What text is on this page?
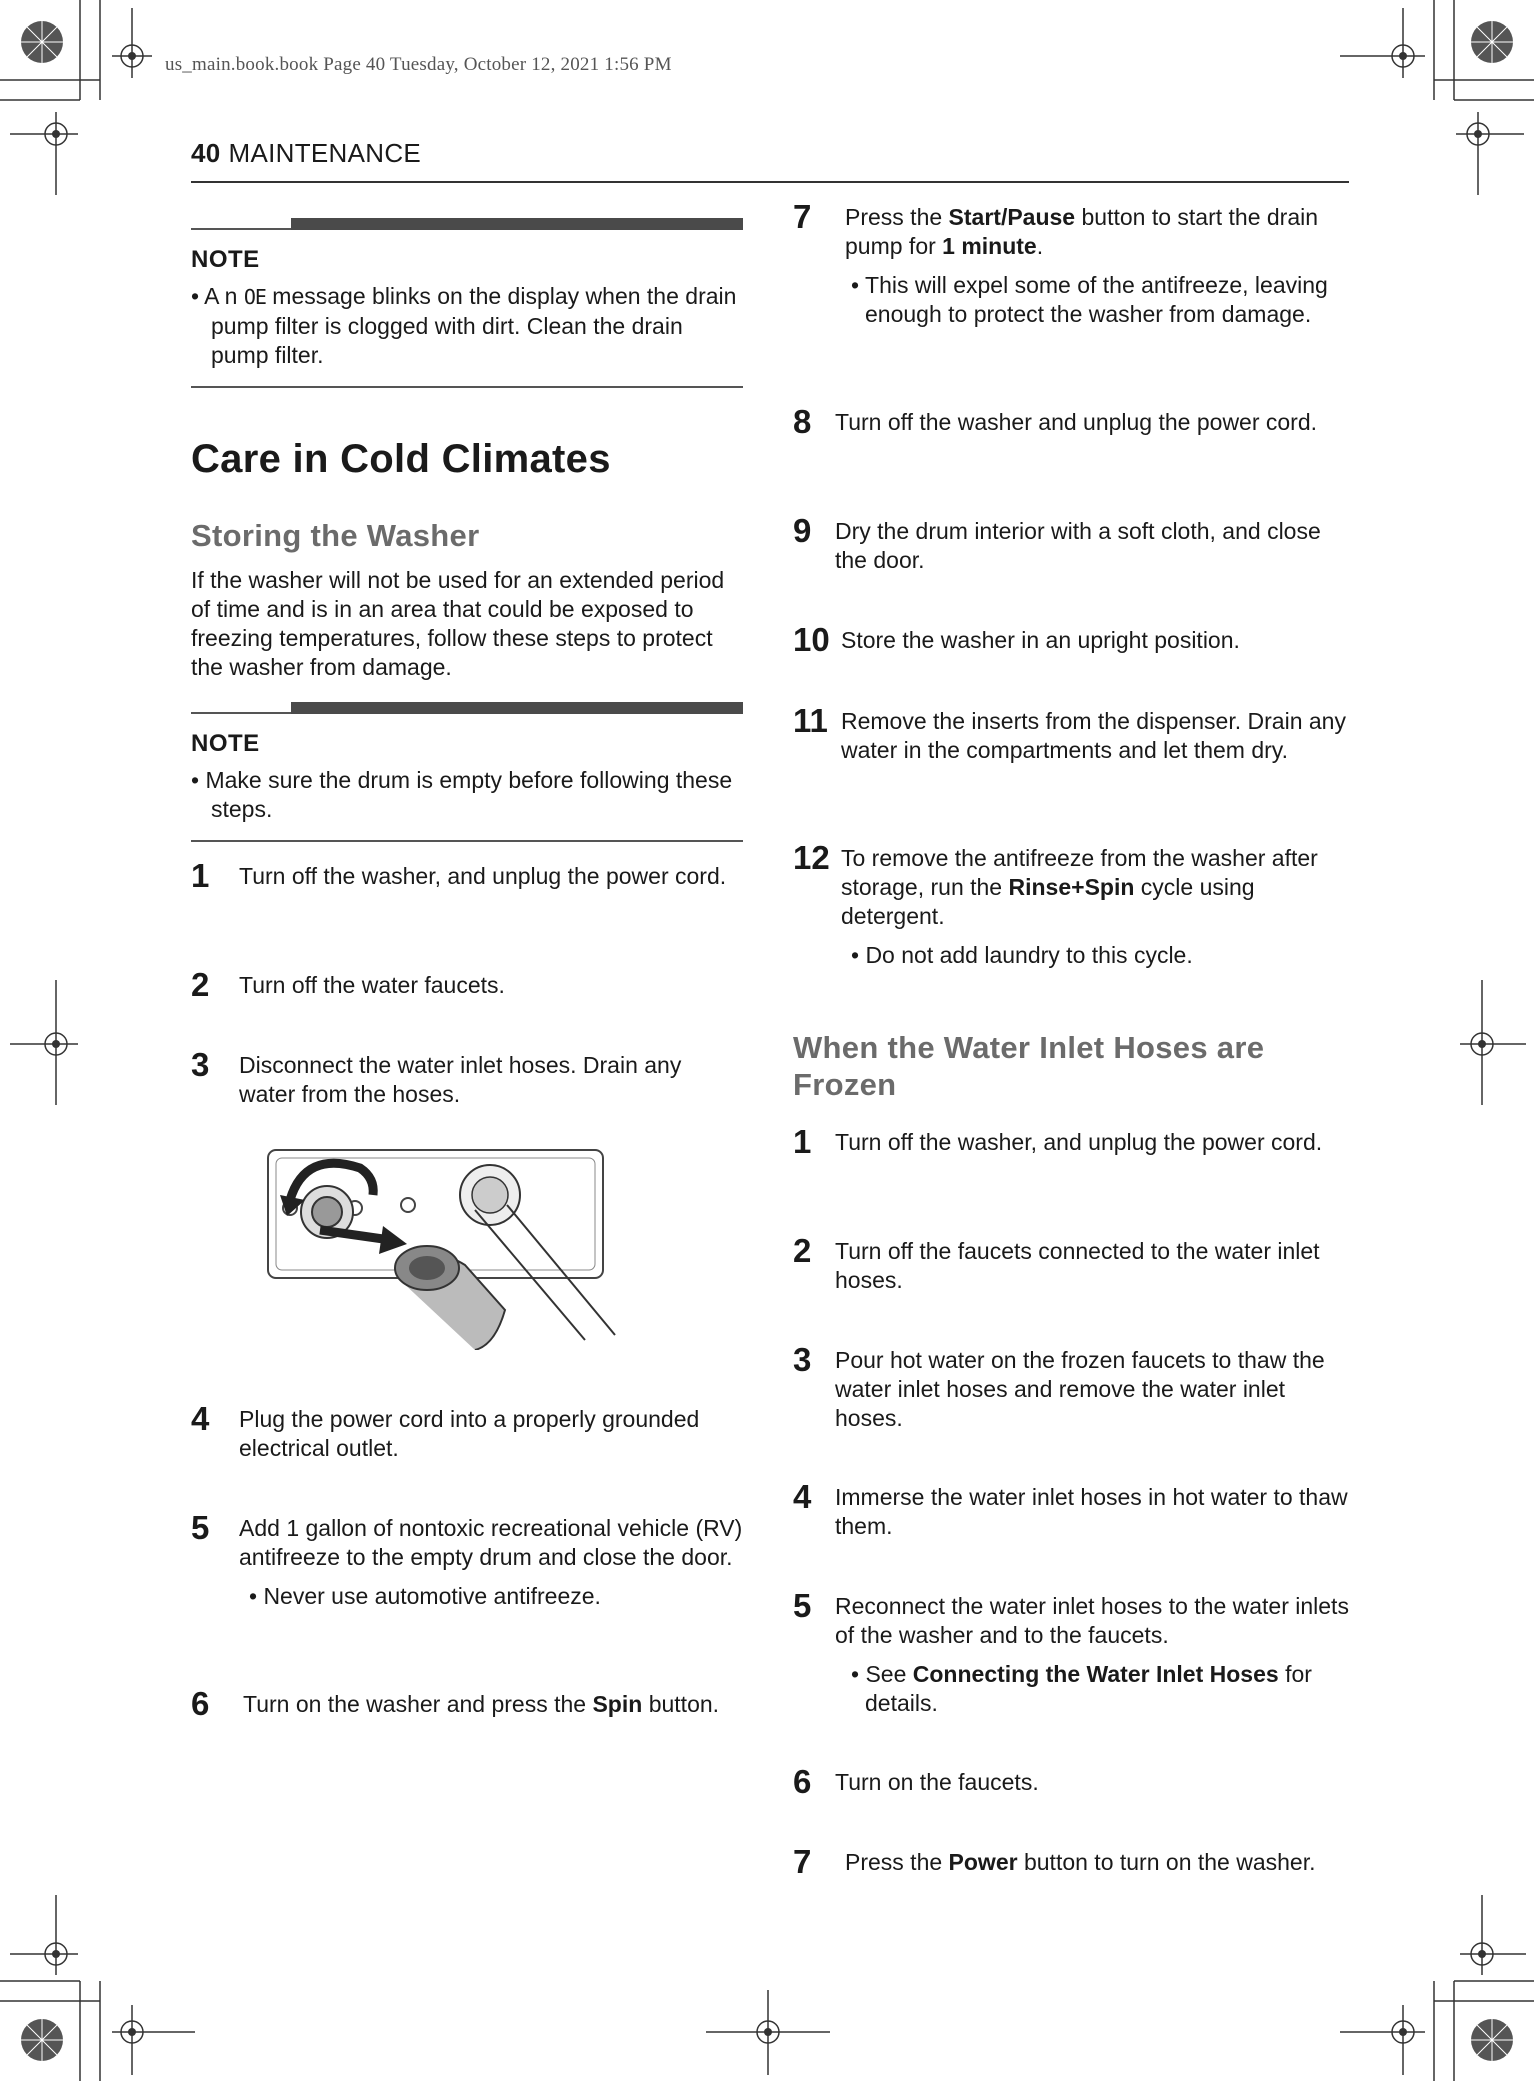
us_main.book.book Page 40 Tuesday, October 12, 2021 1:56 PM
40 MAINTENANCE
NOTE
• A n OE message blinks on the display when the drain pump filter is clogged with dirt. Clean the drain pump filter.
Care in Cold Climates
Storing the Washer
If the washer will not be used for an extended period of time and is in an area that could be exposed to freezing temperatures, follow these steps to protect the washer from damage.
NOTE
• Make sure the drum is empty before following these steps.
1	Turn off the washer, and unplug the power cord.
2	Turn off the water faucets.
3	Disconnect the water inlet hoses. Drain any water from the hoses.
4	Plug the power cord into a properly grounded electrical outlet.
5	Add 1 gallon of nontoxic recreational vehicle (RV) antifreeze to the empty drum and close the door.
• Never use automotive antifreeze.
6	Turn on the washer and press the Spin button.
7	Press the Start/Pause button to start the drain pump for 1 minute.
• This will expel some of the antifreeze, leaving enough to protect the washer from damage.
8	Turn off the washer and unplug the power cord.
9	Dry the drum interior with a soft cloth, and close the door.
10 Store the washer in an upright position.
11 Remove the inserts from the dispenser. Drain any water in the compartments and let them dry.
12 To remove the antifreeze from the washer after storage, run the Rinse+Spin cycle using detergent.
• Do not add laundry to this cycle.
When the Water Inlet Hoses are Frozen
1	Turn off the washer, and unplug the power cord.
2	Turn off the faucets connected to the water inlet hoses.
3	Pour hot water on the frozen faucets to thaw the water inlet hoses and remove the water inlet hoses.
4	Immerse the water inlet hoses in hot water to thaw them.
5	Reconnect the water inlet hoses to the water inlets of the washer and to the faucets.
• See Connecting the Water Inlet Hoses for details.
6	Turn on the faucets.
7	Press the Power button to turn on the washer.
